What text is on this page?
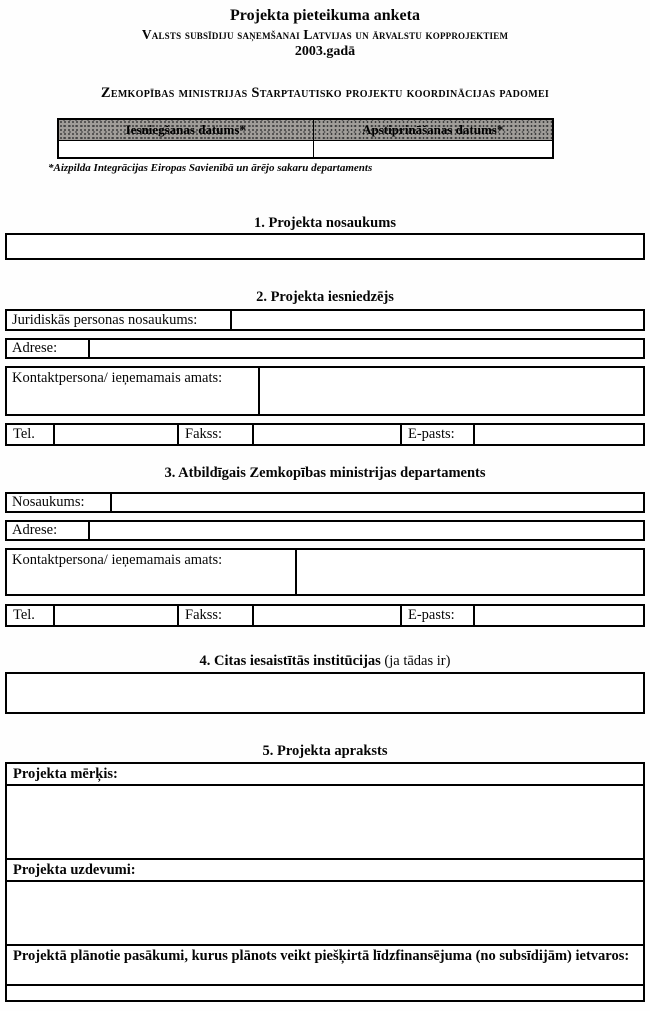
Projekta pieteikuma anketa
Valsts subsīdiju saņemšanai Latvijas un ārvalstu kopprojektiem
2003.gadā
Zemkopības ministrijas Starptautisko projektu koordinācijas padomei
Iesniegšanas datums*	Apstiprināšanas datums*

*Aizpilda Integrācijas Eiropas Savienībā un ārējo sakaru departaments
1. Projekta nosaukums
2. Projekta iesniedzējs
Juridiskās personas nosaukums:
Adrese:
Kontaktpersona/ ieņemamais amats:
Tel.	Fakss:	E-pasts:
3. Atbildīgais Zemkopības ministrijas departaments
Nosaukums:
Adrese:
Kontaktpersona/ ieņemamais amats:
Tel.	Fakss:	E-pasts:
4. Citas iesaistītās institūcijas (ja tādas ir)
5. Projekta apraksts
Projekta mērķis:
Projekta uzdevumi:
Projektā plānotie pasākumi, kurus plānots veikt piešķirtā līdzfinansējuma (no subsīdijām) ietvaros:
